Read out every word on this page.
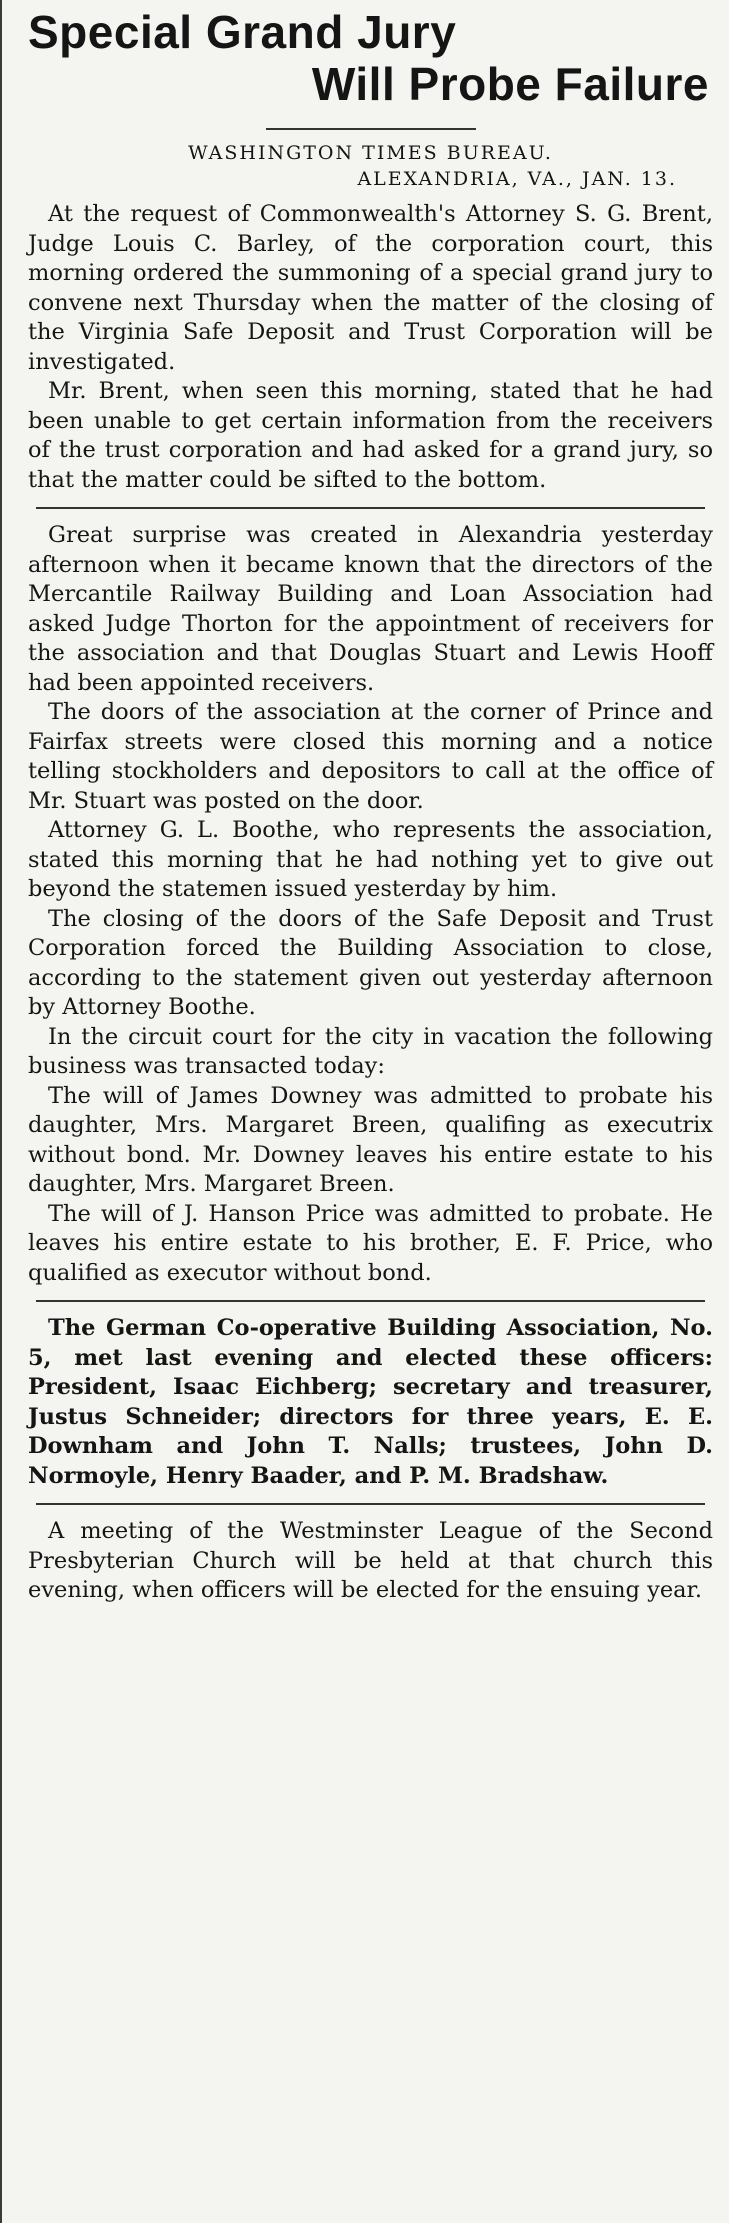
Special Grand Jury
Will Probe Failure
WASHINGTON TIMES BUREAU.
ALEXANDRIA, VA., JAN. 13.

At the request of Commonwealth's Attorney S. G. Brent, Judge Louis C. Barley, of the corporation court, this morning ordered the summoning of a special grand jury to convene next Thursday when the matter of the closing of the Virginia Safe Deposit and Trust Corporation will be investigated.

Mr. Brent, when seen this morning, stated that he had been unable to get certain information from the receivers of the trust corporation and had asked for a grand jury, so that the matter could be sifted to the bottom.

Great surprise was created in Alexandria yesterday afternoon when it became known that the directors of the Mercantile Railway Building and Loan Association had asked Judge Thorton for the appointment of receivers for the association and that Douglas Stuart and Lewis Hooff had been appointed receivers.

The doors of the association at the corner of Prince and Fairfax streets were closed this morning and a notice telling stockholders and depositors to call at the office of Mr. Stuart was posted on the door.

Attorney G. L. Boothe, who represents the association, stated this morning that he had nothing yet to give out beyond the statemen issued yesterday by him.

The closing of the doors of the Safe Deposit and Trust Corporation forced the Building Association to close, according to the statement given out yesterday afternoon by Attorney Boothe.

In the circuit court for the city in vacation the following business was transacted today:

The will of James Downey was admitted to probate his daughter, Mrs. Margaret Breen, qualifing as executrix without bond. Mr. Downey leaves his entire estate to his daughter, Mrs. Margaret Breen.

The will of J. Hanson Price was admitted to probate. He leaves his entire estate to his brother, E. F. Price, who qualified as executor without bond.

The German Co-operative Building Association, No. 5, met last evening and elected these officers: President, Isaac Eichberg; secretary and treasurer, Justus Schneider; directors for three years, E. E. Downham and John T. Nalls; trustees, John D. Normoyle, Henry Baader, and P. M. Bradshaw.

A meeting of the Westminster League of the Second Presbyterian Church will be held at that church this evening, when officers will be elected for the ensuing year.
